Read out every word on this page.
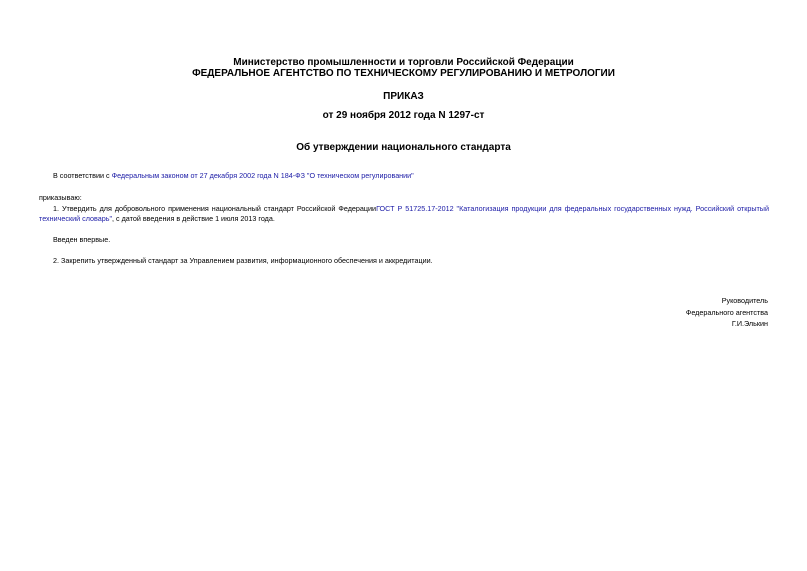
Министерство промышленности и торговли Российской Федерации
ФЕДЕРАЛЬНОЕ АГЕНТСТВО ПО ТЕХНИЧЕСКОМУ РЕГУЛИРОВАНИЮ И МЕТРОЛОГИИ
ПРИКАЗ
от 29 ноября 2012 года N 1297-ст
Об утверждении национального стандарта
В соответствии с Федеральным законом от 27 декабря 2002 года N 184-ФЗ "О техническом регулировании"
приказываю:
1. Утвердить для добровольного применения национальный стандарт Российской ФедерацииГОСТ Р 51725.17-2012 "Каталогизация продукции для федеральных государственных нужд. Российский открытый технический словарь", с датой введения в действие 1 июля 2013 года.
Введен впервые.
2. Закрепить утвержденный стандарт за Управлением развития, информационного обеспечения и аккредитации.
Руководитель
Федерального агентства
Г.И.Элькин
